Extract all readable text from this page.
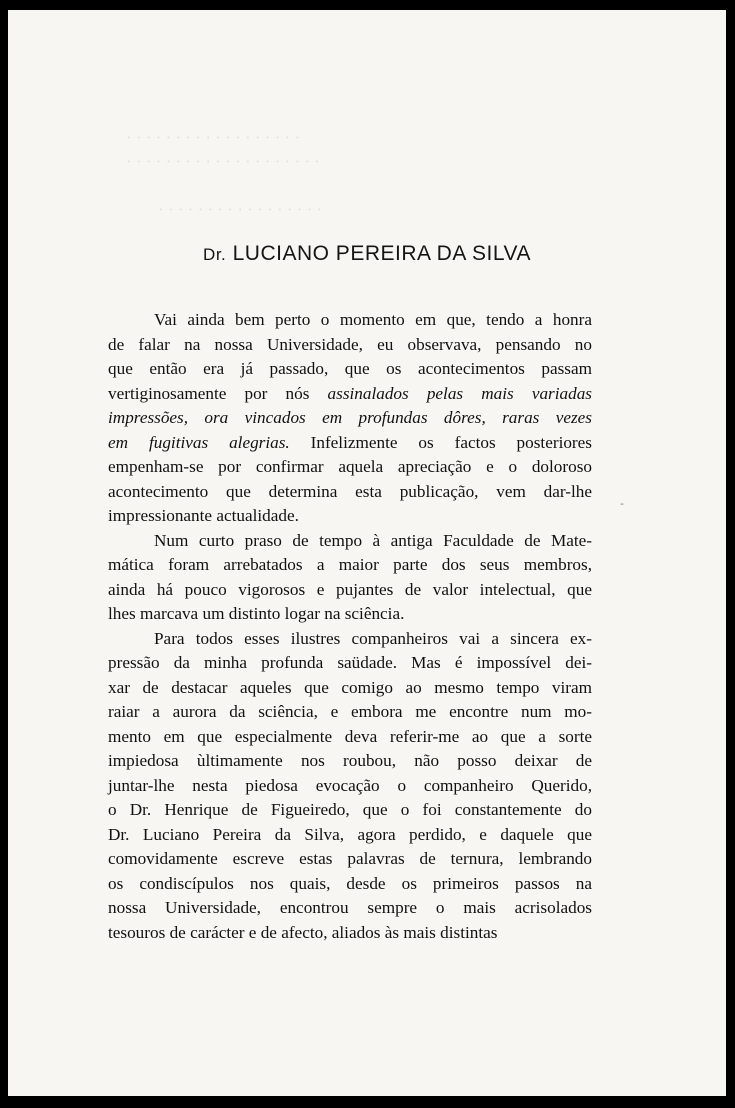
· · · · · · · · · · · · · · · · · ·
· · · · · · · · · · · · · · · · · · · ·
· · · · · · · · · · · · · · · · ·
Dr. LUCIANO PEREIRA DA SILVA
Vai ainda bem perto o momento em que, tendo a honra
de falar na nossa Universidade, eu observava, pensando no
que então era já passado, que os acontecimentos passam
vertiginosamente por nós assinalados pelas mais variadas
impressões, ora vincados em profundas dôres, raras vezes
em fugitivas alegrias. Infelizmente os factos posteriores
empenham-se por confirmar aquela apreciação e o doloroso
acontecimento que determina esta publicação, vem dar-lhe
impressionante actualidade.
Num curto praso de tempo à antiga Faculdade de Mate-
mática foram arrebatados a maior parte dos seus membros,
ainda há pouco vigorosos e pujantes de valor intelectual, que
lhes marcava um distinto logar na sciência.
Para todos esses ilustres companheiros vai a sincera ex-
pressão da minha profunda saüdade. Mas é impossível dei-
xar de destacar aqueles que comigo ao mesmo tempo viram
raiar a aurora da sciência, e embora me encontre num mo-
mento em que especialmente deva referir-me ao que a sorte
impiedosa ùltimamente nos roubou, não posso deixar de
juntar-lhe nesta piedosa evocação o companheiro Querido,
o Dr. Henrique de Figueiredo, que o foi constantemente do
Dr. Luciano Pereira da Silva, agora perdido, e daquele que
comovidamente escreve estas palavras de ternura, lembrando
os condiscípulos nos quais, desde os primeiros passos na
nossa Universidade, encontrou sempre o mais acrisolados
tesouros de carácter e de afecto, aliados às mais distintas
-
